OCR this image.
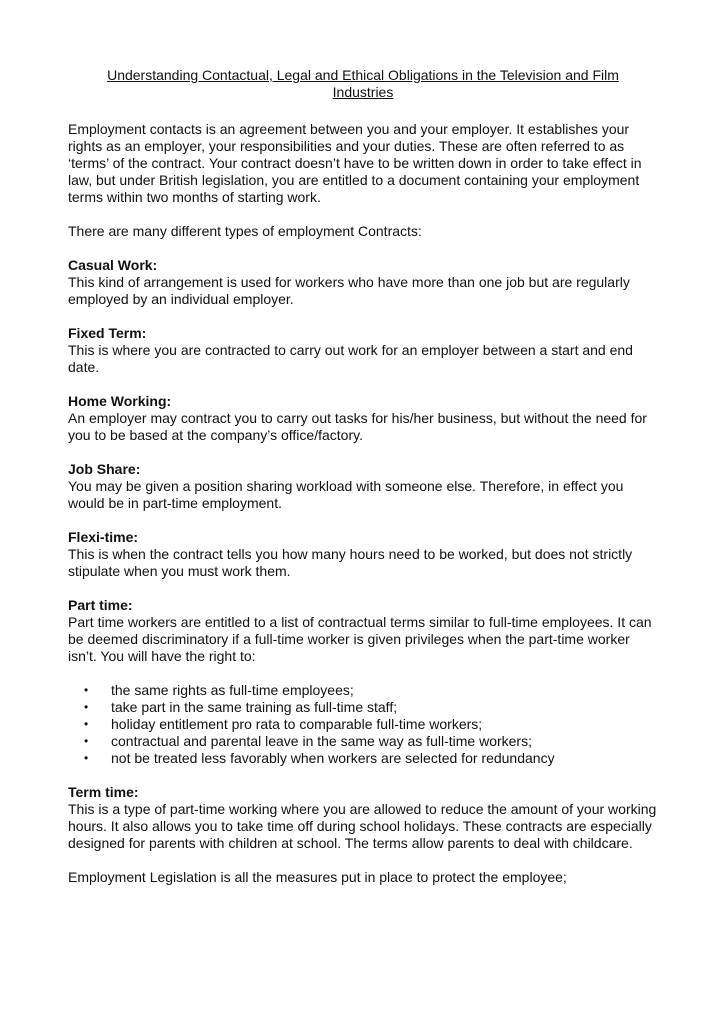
Understanding Contactual, Legal and Ethical Obligations in the Television and Film Industries

Employment contacts is an agreement between you and your employer. It establishes your rights as an employer, your responsibilities and your duties. These are often referred to as ‘terms’ of the contract. Your contract doesn’t have to be written down in order to take effect in law, but under British legislation, you are entitled to a document containing your employment terms within two months of starting work.

There are many different types of employment Contracts:

Casual Work:
This kind of arrangement is used for workers who have more than one job but are regularly employed by an individual employer.
Fixed Term:
This is where you are contracted to carry out work for an employer between a start and end date.
Home Working:
An employer may contract you to carry out tasks for his/her business, but without the need for you to be based at the company’s office/factory.
Job Share:
You may be given a position sharing workload with someone else. Therefore, in effect you would be in part-time employment.
Flexi-time:
This is when the contract tells you how many hours need to be worked, but does not strictly stipulate when you must work them.
Part time:
Part time workers are entitled to a list of contractual terms similar to full-time employees. It can be deemed discriminatory if a full-time worker is given privileges when the part-time worker isn’t. You will have the right to:
• the same rights as full-time employees;
• take part in the same training as full-time staff;
• holiday entitlement pro rata to comparable full-time workers;
• contractual and parental leave in the same way as full-time workers;
• not be treated less favorably when workers are selected for redundancy
Term time:
This is a type of part-time working where you are allowed to reduce the amount of your working hours. It also allows you to take time off during school holidays. These contracts are especially designed for parents with children at school. The terms allow parents to deal with childcare.

Employment Legislation is all the measures put in place to protect the employee;
